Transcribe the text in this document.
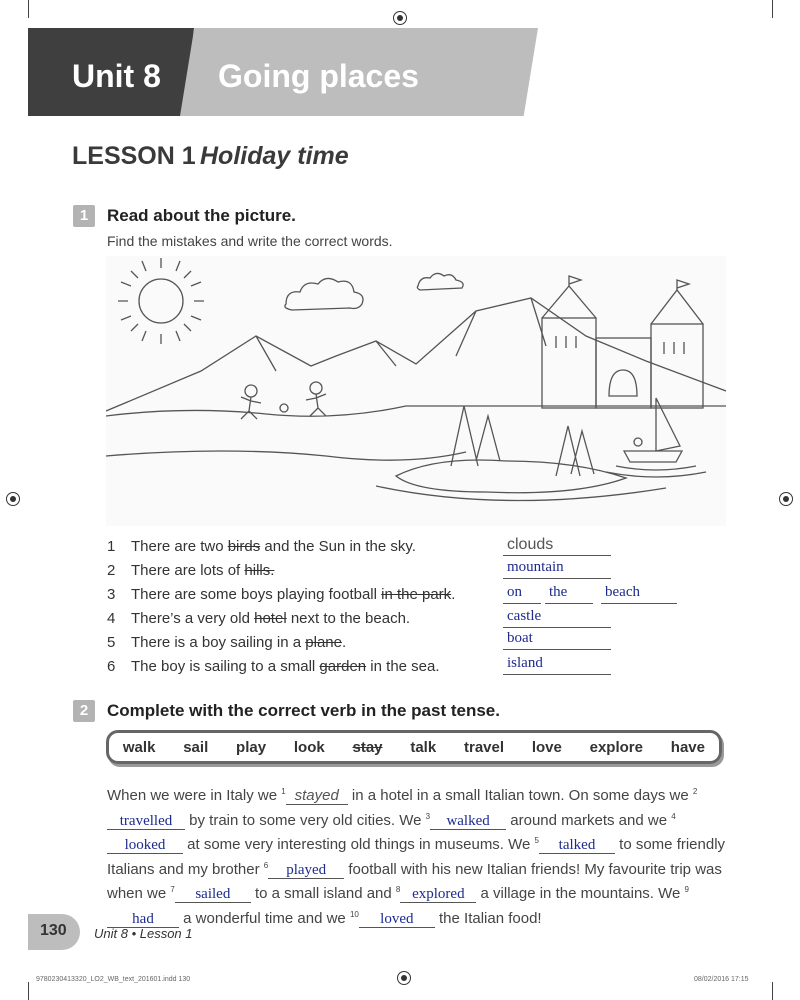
Unit 8 Going places
LESSON 1 Holiday time
1	Read about the picture.
Find the mistakes and write the correct words.
1 There are two birds and the Sun in the sky.	clouds
2 There are lots of hills.	mountain
3 There are some boys playing football in the park.	on	the	beach
4 There’s a very old hotel next to the beach.	castle
5 There is a boy sailing in a plane.	boat
6 The boy is sailing to a small garden in the sea.	island
2	Complete with the correct verb in the past tense.
walk sail play look stay talk travel love explore have
When we were in Italy we $^1$ stayed in a hotel in a small Italian town. On some days we $^2$travelled by train to some very old cities. We $^3$ walked around markets and we $^4$looked at some very interesting old things in museums. We $^5$ talked to some friendly Italians and my brother $^6$ played football with his new Italian friends! My favourite trip was when we $^7$ sailed to a small island and $^8$ explored a village in the mountains. We $^9$had a wonderful time and we $^{10}$ loved the Italian food!
130 Unit 8 • Lesson 1
9780230413320_LO2_WB_text_201601.indd 130	08/02/2016 17:15
